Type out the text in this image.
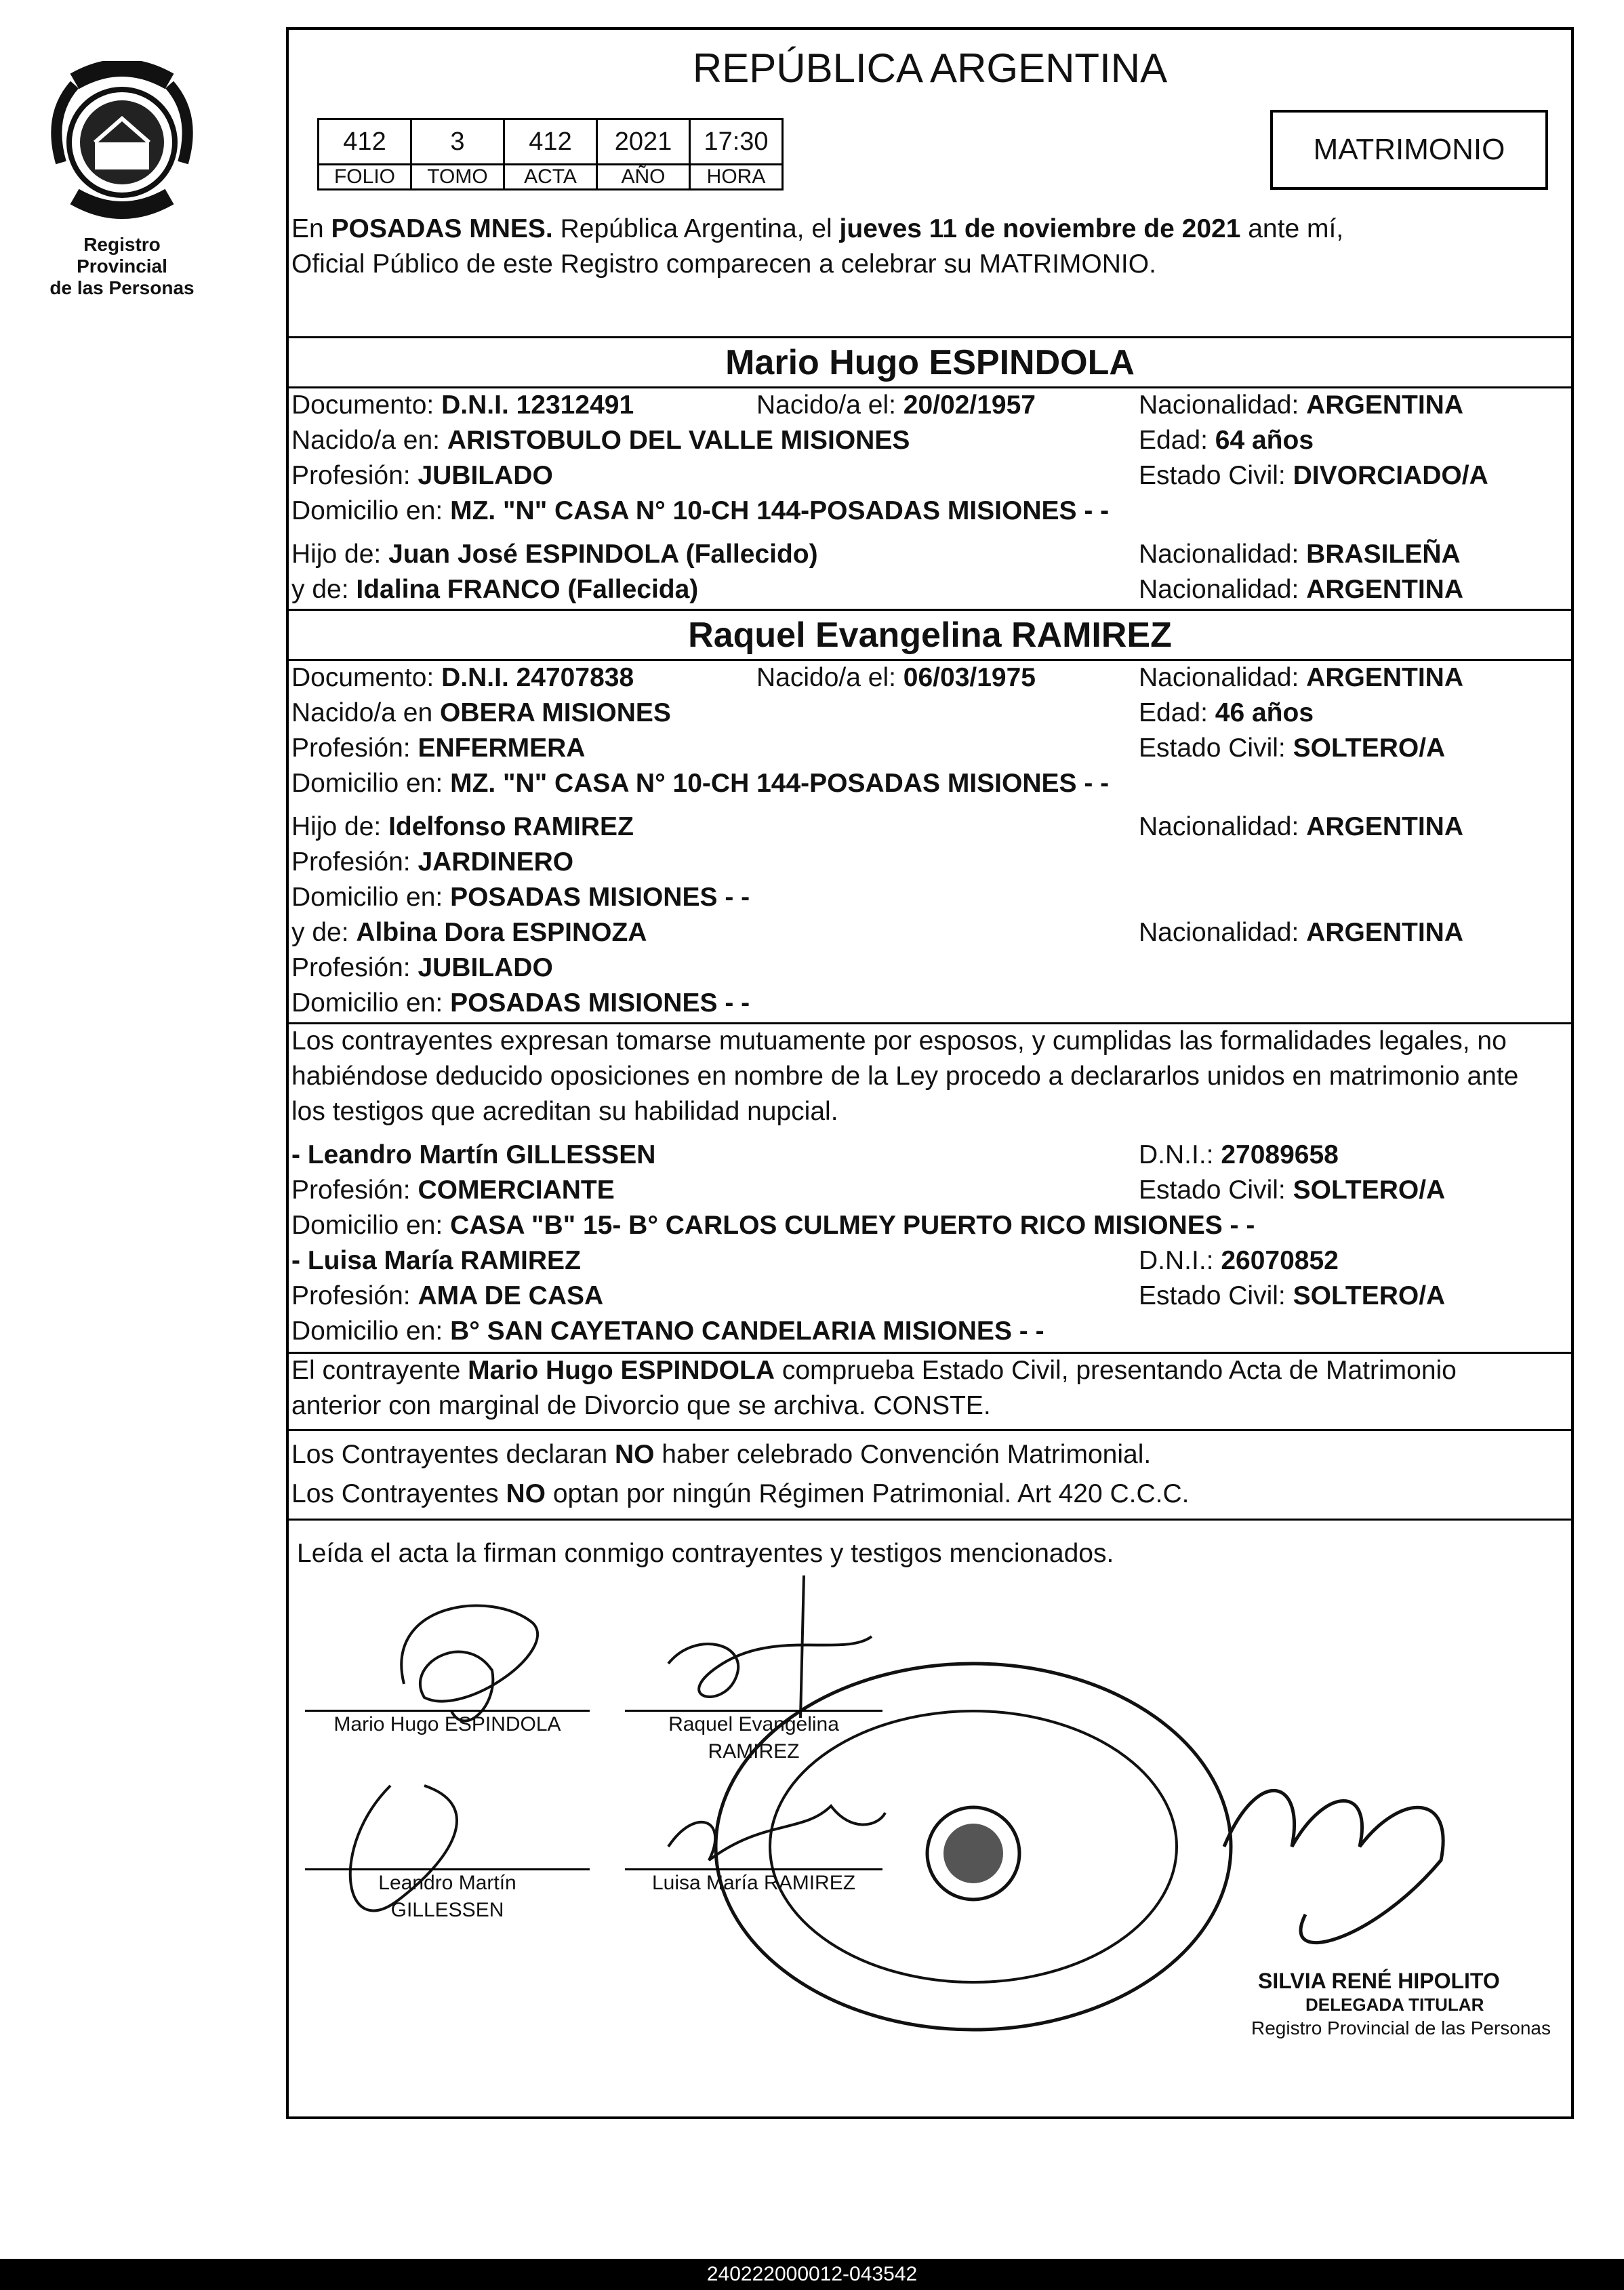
Registro Provincial
de las Personas
REPÚBLICA ARGENTINA
412	3	412	2021	17:30
FOLIO	TOMO	ACTA	AÑO	HORA
MATRIMONIO
En POSADAS MNES. República Argentina, el jueves 11 de noviembre de 2021 ante mí,
Oficial Público de este Registro comparecen a celebrar su MATRIMONIO.
Mario Hugo ESPINDOLA
Documento: D.N.I. 12312491	Nacido/a el: 20/02/1957	Nacionalidad: ARGENTINA
Nacido/a en: ARISTOBULO DEL VALLE MISIONES	Edad: 64 años
Profesión: JUBILADO	Estado Civil: DIVORCIADO/A
Domicilio en: MZ. "N" CASA N° 10-CH 144-POSADAS MISIONES - -
Hijo de: Juan José ESPINDOLA (Fallecido)	Nacionalidad: BRASILEÑA
y de: Idalina FRANCO (Fallecida)	Nacionalidad: ARGENTINA
Raquel Evangelina RAMIREZ
Documento: D.N.I. 24707838	Nacido/a el: 06/03/1975	Nacionalidad: ARGENTINA
Nacido/a en OBERA MISIONES	Edad: 46 años
Profesión: ENFERMERA	Estado Civil: SOLTERO/A
Domicilio en: MZ. "N" CASA N° 10-CH 144-POSADAS MISIONES - -
Hijo de: Idelfonso RAMIREZ	Nacionalidad: ARGENTINA
Profesión: JARDINERO
Domicilio en: POSADAS MISIONES - -
y de: Albina Dora ESPINOZA	Nacionalidad: ARGENTINA
Profesión: JUBILADO
Domicilio en: POSADAS MISIONES - -
Los contrayentes expresan tomarse mutuamente por esposos, y cumplidas las formalidades legales, no
habiéndose deducido oposiciones en nombre de la Ley procedo a declararlos unidos en matrimonio ante
los testigos que acreditan su habilidad nupcial.
- Leandro Martín GILLESSEN	D.N.I.: 27089658
Profesión: COMERCIANTE	Estado Civil: SOLTERO/A
Domicilio en: CASA "B" 15- B° CARLOS CULMEY PUERTO RICO MISIONES - -
- Luisa María RAMIREZ	D.N.I.: 26070852
Profesión: AMA DE CASA	Estado Civil: SOLTERO/A
Domicilio en: B° SAN CAYETANO CANDELARIA MISIONES - -
El contrayente Mario Hugo ESPINDOLA comprueba Estado Civil, presentando Acta de Matrimonio
anterior con marginal de Divorcio que se archiva. CONSTE.
Los Contrayentes declaran NO haber celebrado Convención Matrimonial.
Los Contrayentes NO optan por ningún Régimen Patrimonial. Art 420 C.C.C.
Leída el acta la firman conmigo contrayentes y testigos mencionados.
Mario Hugo ESPINDOLA	Raquel Evangelina
RAMIREZ
Leandro Martín
GILLESSEN
Luisa María RAMIREZ
SILVIA RENÉ HIPOLITO
DELEGADA TITULAR
Registro Provincial de las Personas
240222000012-043542
